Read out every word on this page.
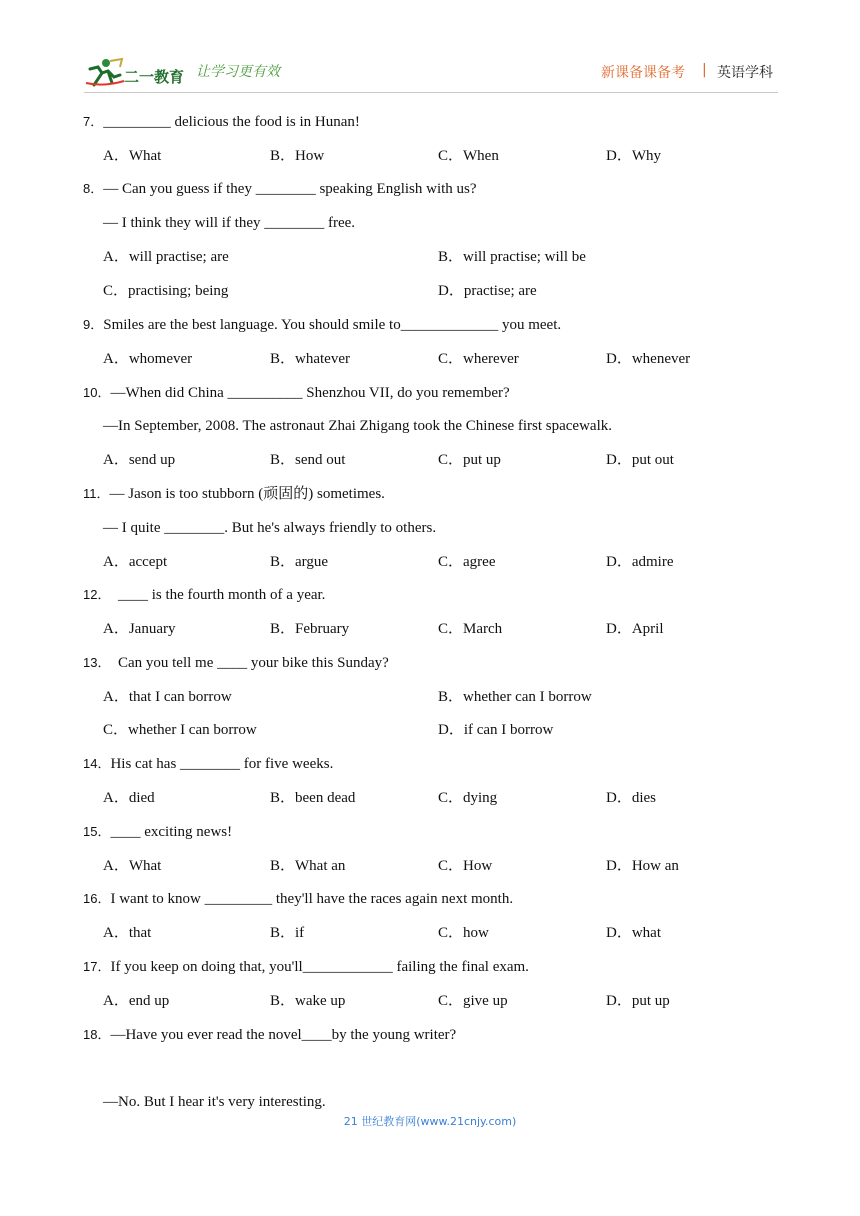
二一教育 让学习更有效	新课备课备考 | 英语学科
7．_________ delicious the food is in Hunan!
A．What	B．How	C．When	D．Why
8．— Can you guess if they ________ speaking English with us?
— I think they will if they ________ free.
A．will practise; are	B．will practise; will be
C．practising; being	D．practise; are
9．Smiles are the best language. You should smile to_____________ you meet.
A．whomever	B．whatever	C．wherever	D．whenever
10．—When did China __________ Shenzhou VII, do you remember?
—In September, 2008. The astronaut Zhai Zhigang took the Chinese first spacewalk.
A．send up	B．send out	C．put up	D．put out
11．— Jason is too stubborn (顽固的) sometimes.
— I quite ________. But he's always friendly to others.
A．accept	B．argue	C．agree	D．admire
12． ____ is the fourth month of a year.
A．January	B．February	C．March	D．April
13． Can you tell me ____ your bike this Sunday?
A．that I can borrow	B．whether can I borrow
C．whether I can borrow	D．if can I borrow
14．His cat has ________ for five weeks.
A．died	B．been dead	C．dying	D．dies
15．____ exciting news!
A．What	B．What an	C．How	D．How an
16．I want to know _________ they'll have the races again next month.
A．that	B．if	C．how	D．what
17．If you keep on doing that, you'll____________ failing the final exam.
A．end up	B．wake up	C．give up	D．put up
18．—Have you ever read the novel____by the young writer?
—No. But I hear it's very interesting.
21 世纪教育网(www.21cnjy.com)
